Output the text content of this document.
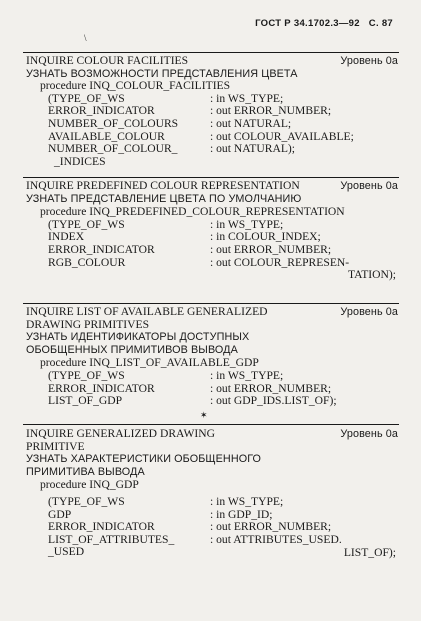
ГОСТ Р 34.1702.3—92 С. 87
\
INQUIRE COLOUR FACILITIES	Уровень 0а
УЗНАТЬ ВОЗМОЖНОСТИ ПРЕДСТАВЛЕНИЯ ЦВЕТА
procedure INQ_COLOUR_FACILITIES
(TYPE_OF_WS	: in WS_TYPE;
ERROR_INDICATOR	: out ERROR_NUMBER;
NUMBER_OF_COLOURS	: out NATURAL;
AVAILABLE_COLOUR	: out COLOUR_AVAILABLE;
NUMBER_OF_COLOUR_	: out NATURAL);
_INDICES
INQUIRE PREDEFINED COLOUR REPRESENTATION	Уровень 0а
УЗНАТЬ ПРЕДСТАВЛЕНИЕ ЦВЕТА ПО УМОЛЧАНИЮ
procedure INQ_PREDEFINED_COLOUR_REPRESENTATION
(TYPE_OF_WS	: in WS_TYPE;
INDEX	: in COLOUR_INDEX;
ERROR_INDICATOR	: out ERROR_NUMBER;
RGB_COLOUR	: out COLOUR_REPRESEN-
TATION);
INQUIRE LIST OF AVAILABLE GENERALIZED DRAWING PRIMITIVES
Уровень 0а
УЗНАТЬ ИДЕНТИФИКАТОРЫ ДОСТУПНЫХ ОБОБЩЕННЫХ ПРИМИТИВОВ ВЫВОДА
procedure INQ_LIST_OF_AVAILABLE_GDP
(TYPE_OF_WS	: in WS_TYPE;
ERROR_INDICATOR	: out ERROR_NUMBER;
LIST_OF_GDP	: out GDP_IDS.LIST_OF);
✶
INQUIRE GENERALIZED DRAWING PRIMITIVE
Уровень 0а
УЗНАТЬ ХАРАКТЕРИСТИКИ ОБОБЩЕННОГО ПРИМИТИВА ВЫВОДА
procedure INQ_GDP
(TYPE_OF_WS	: in WS_TYPE;
GDP	: in GDP_ID;
ERROR_INDICATOR	: out ERROR_NUMBER;
LIST_OF_ATTRIBUTES_	: out ATTRIBUTES_USED.
_USED	LIST_OF);
